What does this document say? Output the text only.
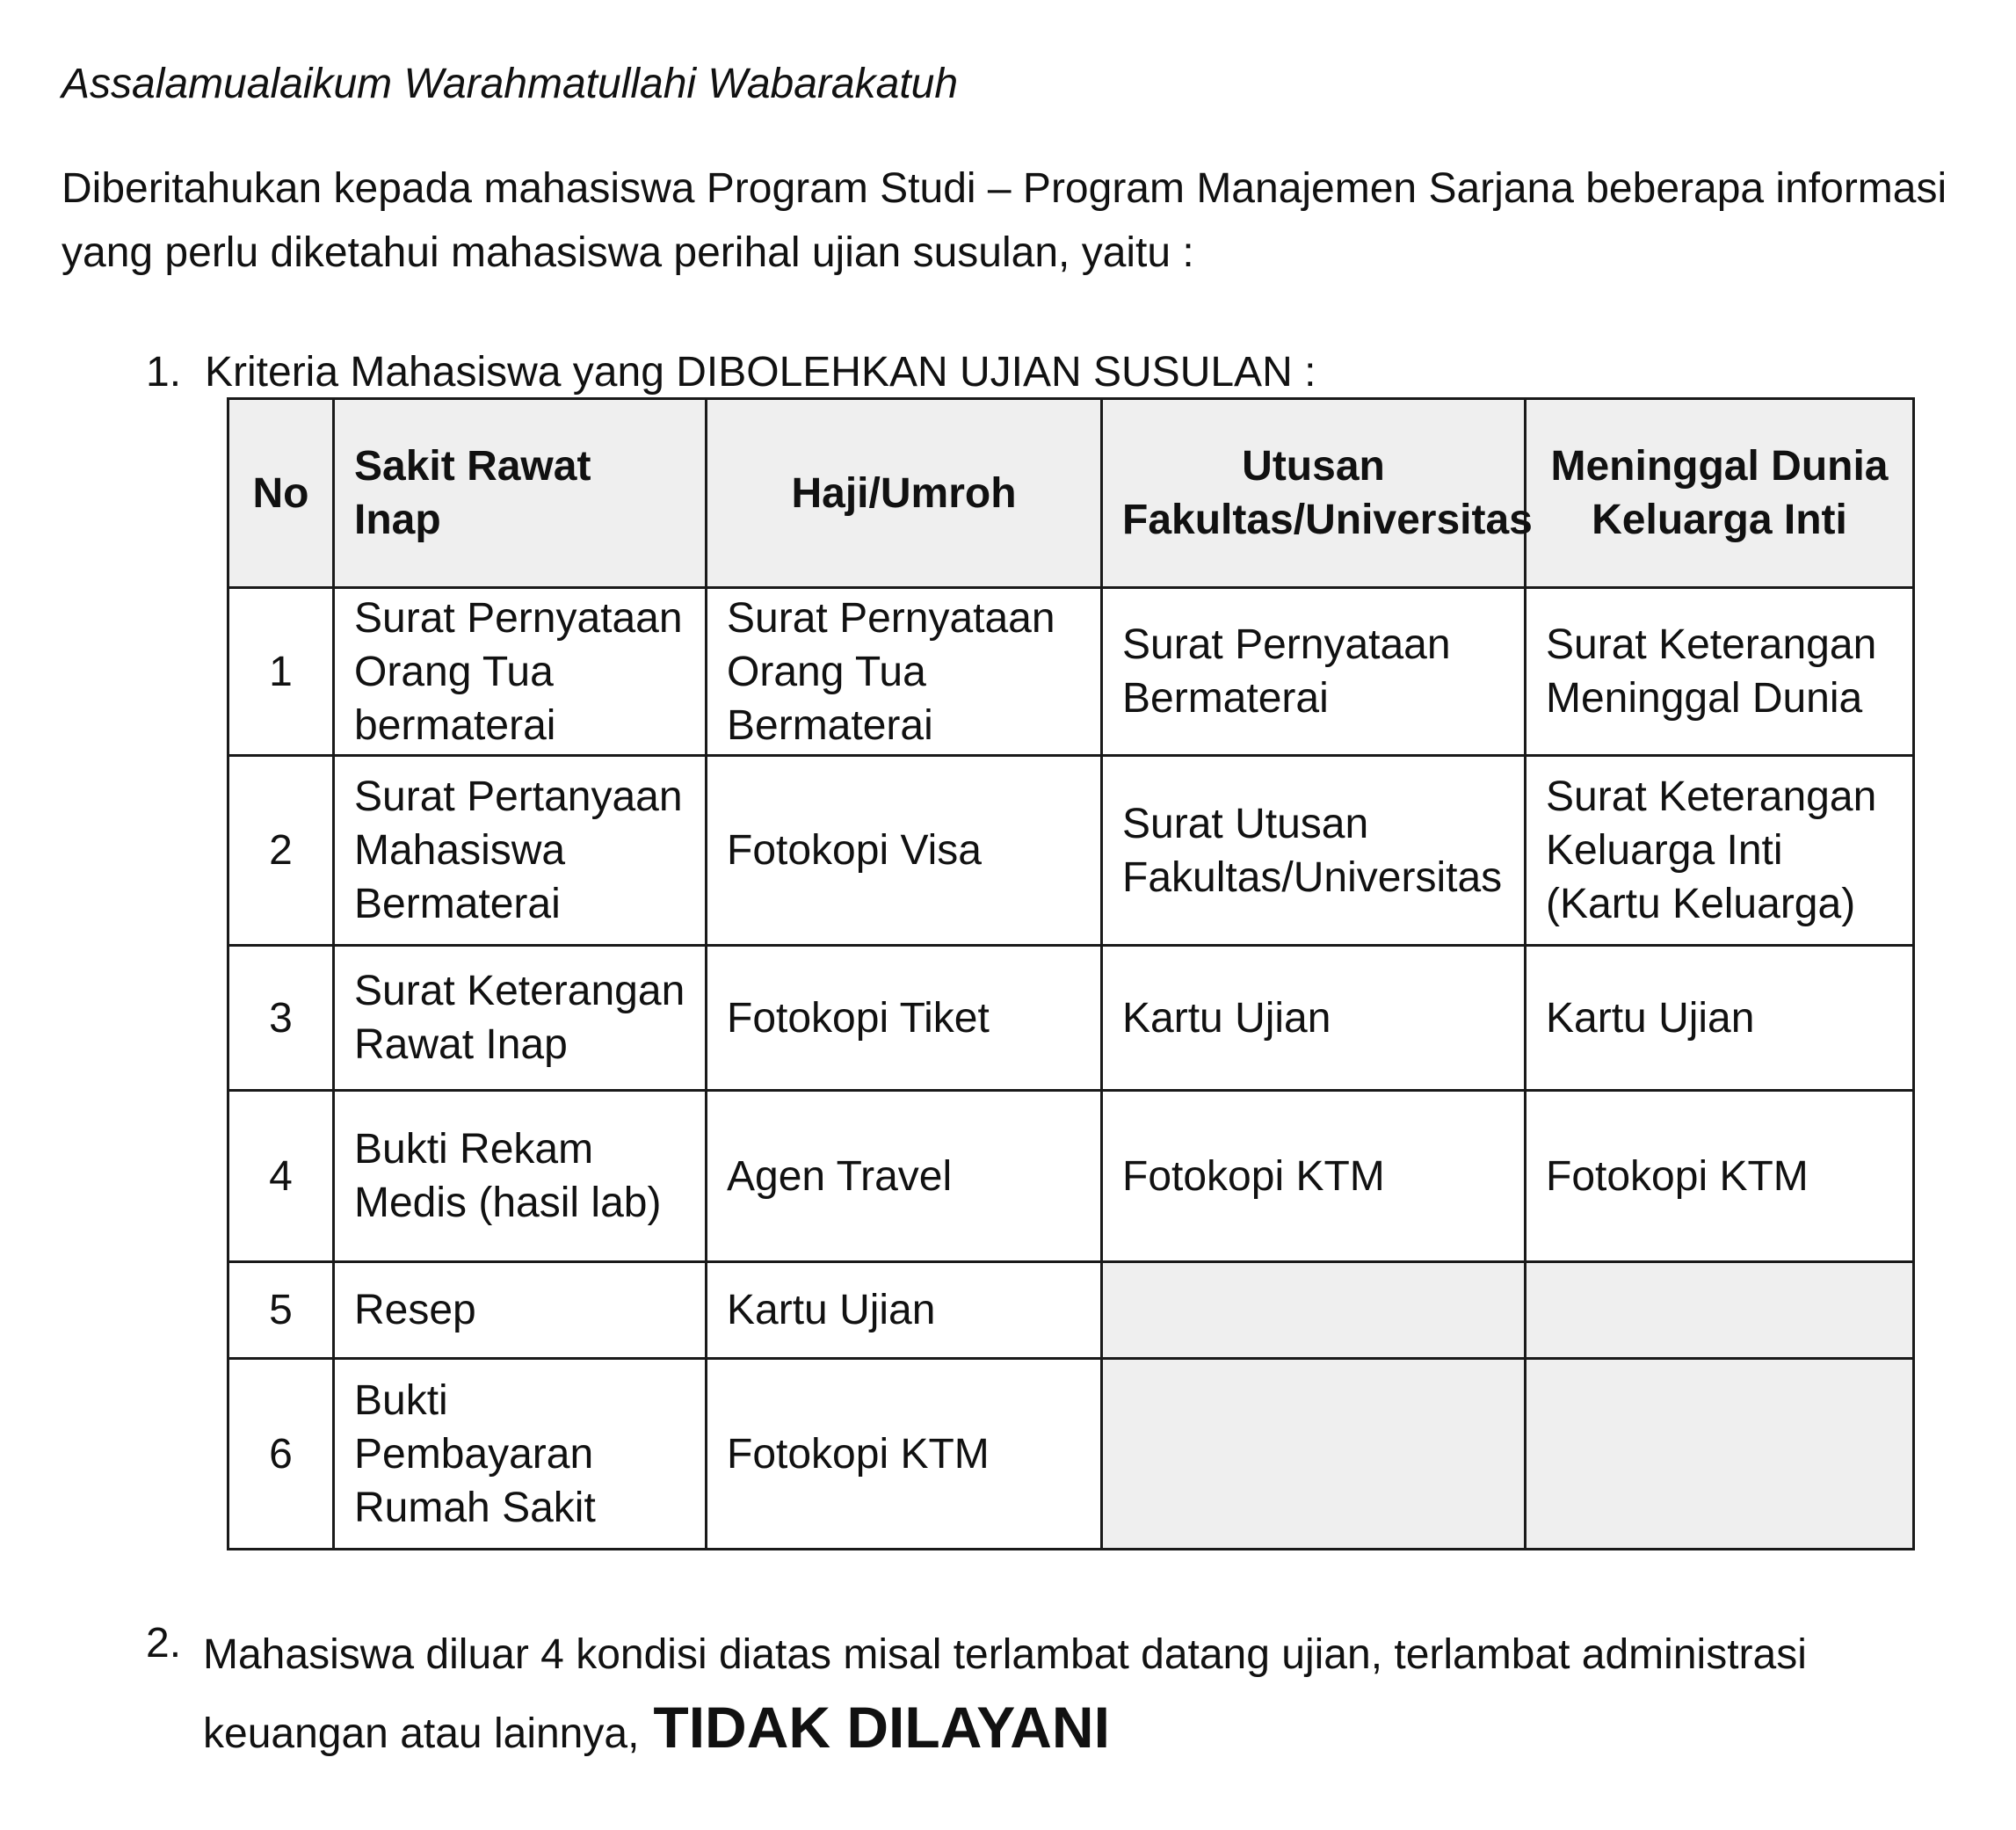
Assalamualaikum Warahmatullahi Wabarakatuh

Diberitahukan kepada mahasiswa Program Studi – Program Manajemen Sarjana beberapa informasi yang perlu diketahui mahasiswa perihal ujian susulan, yaitu :

1. Kriteria Mahasiswa yang DIBOLEHKAN UJIAN SUSULAN :
No	Sakit Rawat Inap	Haji/Umroh	Utusan Fakultas/Universitas	Meninggal Dunia Keluarga Inti
1	Surat Pernyataan Orang Tua bermaterai	Surat Pernyataan Orang Tua Bermaterai	Surat Pernyataan Bermaterai	Surat Keterangan Meninggal Dunia
2	Surat Pertanyaan Mahasiswa Bermaterai	Fotokopi Visa	Surat Utusan Fakultas/Universitas	Surat Keterangan Keluarga Inti (Kartu Keluarga)
3	Surat Keterangan Rawat Inap	Fotokopi Tiket	Kartu Ujian	Kartu Ujian
4	Bukti Rekam Medis (hasil lab)	Agen Travel	Fotokopi KTM	Fotokopi KTM
5	Resep	Kartu Ujian		
6	Bukti Pembayaran Rumah Sakit	Fotokopi KTM		
2. Mahasiswa diluar 4 kondisi diatas misal terlambat datang ujian, terlambat administrasi keuangan atau lainnya, TIDAK DILAYANI
